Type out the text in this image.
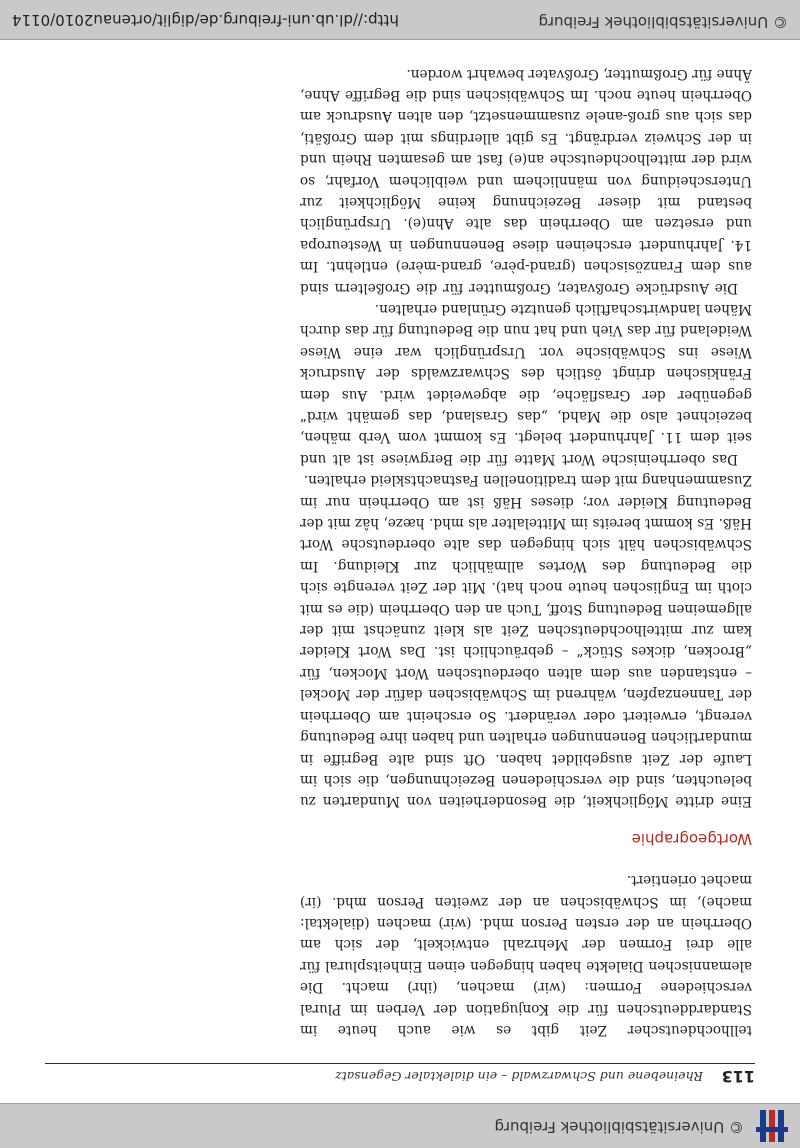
© Universitätsbibliothek Freiburg
113
Rheinebene und Schwarzwald – ein dialektaler Gegensatz

tellhochdeutscher Zeit gibt es wie auch heute im Standarddeutschen für die Konjugation der Verben im Plural verschiedene Formen: (wir) machen, (ihr) macht. Die alemannischen Dialekte haben hingegen einen Einheitsplural für alle drei Formen der Mehrzahl entwickelt, der sich am Oberrhein an der ersten Person mhd. (wir) machen (dialektal: mache), im Schwäbischen an der zweiten Person mhd. (ir) machet orientiert.

Wortgeographie

Eine dritte Möglichkeit, die Besonderheiten von Mundarten zu beleuchten, sind die verschiedenen Bezeichnungen, die sich im Laufe der Zeit ausgebildet haben. Oft sind alte Begriffe in mundartlichen Benennungen erhalten und haben ihre Bedeutung verengt, erweitert oder verändert. So erscheint am Oberrhein der Tannenzapfen, während im Schwäbischen dafür der Mockel – entstanden aus dem alten oberdeutschen Wort Mocken, für „Brocken, dickes Stück“ – gebräuchlich ist. Das Wort Kleider kam zur mittelhochdeutschen Zeit als kleit zunächst mit der allgemeinen Bedeutung Stoff, Tuch an den Oberrhein (die es mit cloth im Englischen heute noch hat). Mit der Zeit verengte sich die Bedeutung des Wortes allmählich zur Kleidung. Im Schwäbischen hält sich hingegen das alte oberdeutsche Wort Häß. Es kommt bereits im Mittelalter als mhd. hæze, hâz mit der Bedeutung Kleider vor; dieses Häß ist am Oberrhein nur im Zusammenhang mit dem traditionellen Fastnachtskleid erhalten.

Das oberrheinische Wort Matte für die Bergwiese ist alt und seit dem 11. Jahrhundert belegt. Es kommt vom Verb mähen, bezeichnet also die Mahd, „das Grasland, das gemäht wird“ gegenüber der Grasfläche, die abgeweidet wird. Aus dem Fränkischen dringt östlich des Schwarzwalds der Ausdruck Wiese ins Schwäbische vor. Ursprünglich war eine Wiese Weideland für das Vieh und hat nun die Bedeutung für das durch Mähen landwirtschaftlich genutzte Grünland erhalten.

Die Ausdrücke Großvater, Großmutter für die Großeltern sind aus dem Französischen (grand-père, grand-mère) entlehnt. Im 14. Jahrhundert erscheinen diese Benennungen in Westeuropa und ersetzen am Oberrhein das alte Ahn(e). Ursprünglich bestand mit dieser Bezeichnung keine Möglichkeit zur Unterscheidung von männlichem und weiblichem Vorfahr, so wird der mittelhochdeutsche an(e) fast am gesamten Rhein und in der Schweiz verdrängt. Es gibt allerdings mit dem Großäti, das sich aus groß-anele zusammensetzt, den alten Ausdruck am Oberrhein heute noch. Im Schwäbischen sind die Begriffe Ahne, Ähne für Großmutter, Großvater bewahrt worden.

© Universitätsbibliothek Freiburg
http://dl.ub.uni-freiburg.de/diglit/ortenau2010/0114
